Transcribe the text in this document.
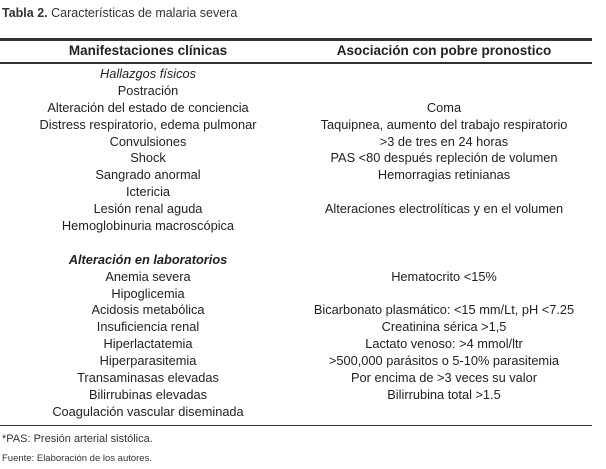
Tabla 2. Características de malaria severa
Manifestaciones clínicas	Asociación con pobre pronostico
Hallazgos físicos
Postración
Alteración del estado de conciencia	Coma
Distress respiratorio, edema pulmonar	Taquipnea, aumento del trabajo respiratorio
Convulsiones	>3 de tres en 24 horas
Shock	PAS <80 después repleción de volumen
Sangrado anormal	Hemorragias retinianas
Ictericia
Lesión renal aguda	Alteraciones electrolíticas y en el volumen
Hemoglobinuria macroscópica
Alteración en laboratorios
Anemia severa	Hematocrito <15%
Hipoglicemia
Acidosis metabólica	Bicarbonato plasmático: <15 mm/Lt, pH <7.25
Insuficiencia renal	Creatinina sérica >1,5
Hiperlactatemia	Lactato venoso: >4 mmol/ltr
Hiperparasitemia	>500,000 parásitos o 5-10% parasitemia
Transaminasas elevadas	Por encima de >3 veces su valor
Bilirrubinas elevadas	Bilirrubina total >1.5
Coagulación vascular diseminada
*PAS: Presión arterial sistólica.
Fuente: Elaboración de los autores.
